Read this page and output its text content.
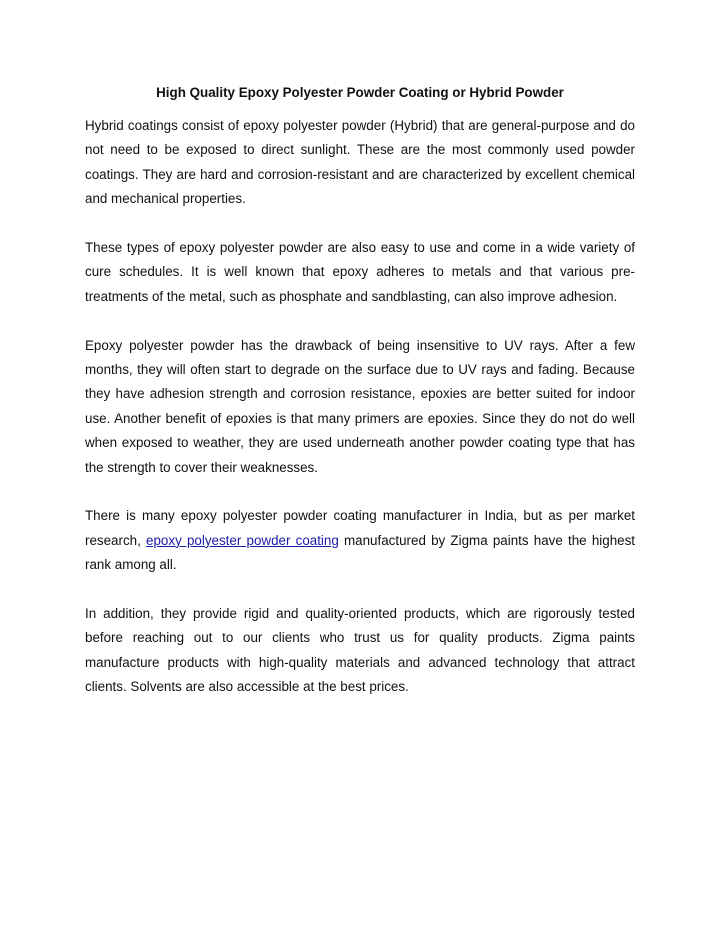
High Quality Epoxy Polyester Powder Coating or Hybrid Powder

Hybrid coatings consist of epoxy polyester powder (Hybrid) that are general-purpose and do not need to be exposed to direct sunlight. These are the most commonly used powder coatings. They are hard and corrosion-resistant and are characterized by excellent chemical and mechanical properties.

These types of epoxy polyester powder are also easy to use and come in a wide variety of cure schedules. It is well known that epoxy adheres to metals and that various pre-treatments of the metal, such as phosphate and sandblasting, can also improve adhesion.

Epoxy polyester powder has the drawback of being insensitive to UV rays. After a few months, they will often start to degrade on the surface due to UV rays and fading. Because they have adhesion strength and corrosion resistance, epoxies are better suited for indoor use. Another benefit of epoxies is that many primers are epoxies. Since they do not do well when exposed to weather, they are used underneath another powder coating type that has the strength to cover their weaknesses.

There is many epoxy polyester powder coating manufacturer in India, but as per market research, epoxy polyester powder coating manufactured by Zigma paints have the highest rank among all.

In addition, they provide rigid and quality-oriented products, which are rigorously tested before reaching out to our clients who trust us for quality products. Zigma paints manufacture products with high-quality materials and advanced technology that attract clients. Solvents are also accessible at the best prices.
